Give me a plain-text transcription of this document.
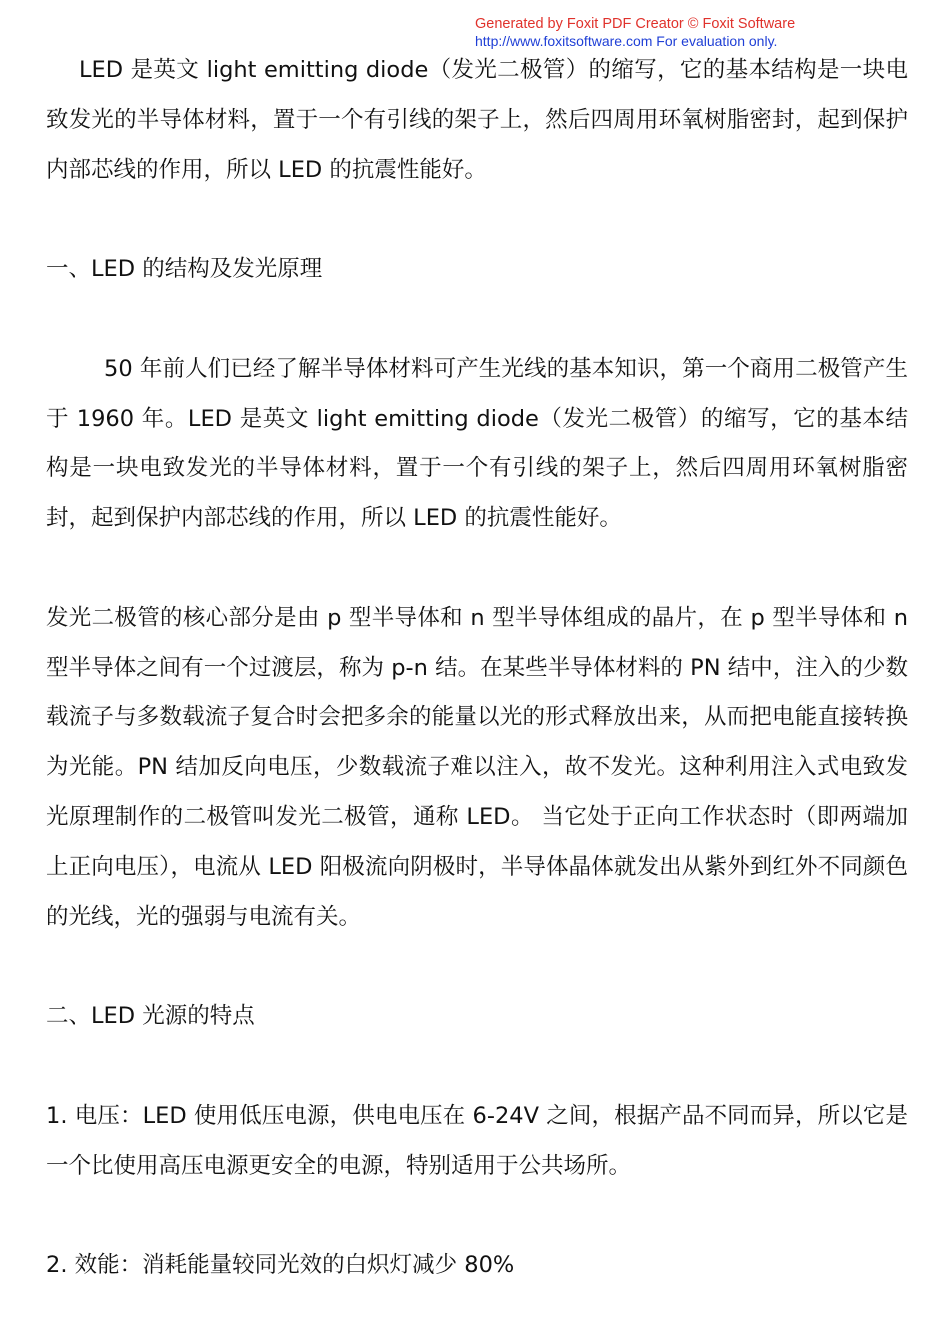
Generated by Foxit PDF Creator © Foxit Software
http://www.foxitsoftware.com For evaluation only.

LED 是英文 light emitting diode（发光二极管）的缩写，它的基本结构是一块电致发光的半导体材料，置于一个有引线的架子上，然后四周用环氧树脂密封，起到保护内部芯线的作用，所以 LED 的抗震性能好。

一、LED 的结构及发光原理

50 年前人们已经了解半导体材料可产生光线的基本知识，第一个商用二极管产生于 1960 年。LED 是英文 light emitting diode（发光二极管）的缩写，它的基本结构是一块电致发光的半导体材料，置于一个有引线的架子上，然后四周用环氧树脂密封，起到保护内部芯线的作用，所以 LED 的抗震性能好。

发光二极管的核心部分是由 p 型半导体和 n 型半导体组成的晶片，在 p 型半导体和 n 型半导体之间有一个过渡层，称为 p-n 结。在某些半导体材料的 PN 结中，注入的少数载流子与多数载流子复合时会把多余的能量以光的形式释放出来，从而把电能直接转换为光能。PN 结加反向电压，少数载流子难以注入，故不发光。这种利用注入式电致发光原理制作的二极管叫发光二极管，通称 LED。 当它处于正向工作状态时（即两端加上正向电压），电流从 LED 阳极流向阴极时，半导体晶体就发出从紫外到红外不同颜色的光线，光的强弱与电流有关。

二、LED 光源的特点

1. 电压：LED 使用低压电源，供电电压在 6-24V 之间，根据产品不同而异，所以它是一个比使用高压电源更安全的电源，特别适用于公共场所。

2. 效能：消耗能量较同光效的白炽灯减少 80%
